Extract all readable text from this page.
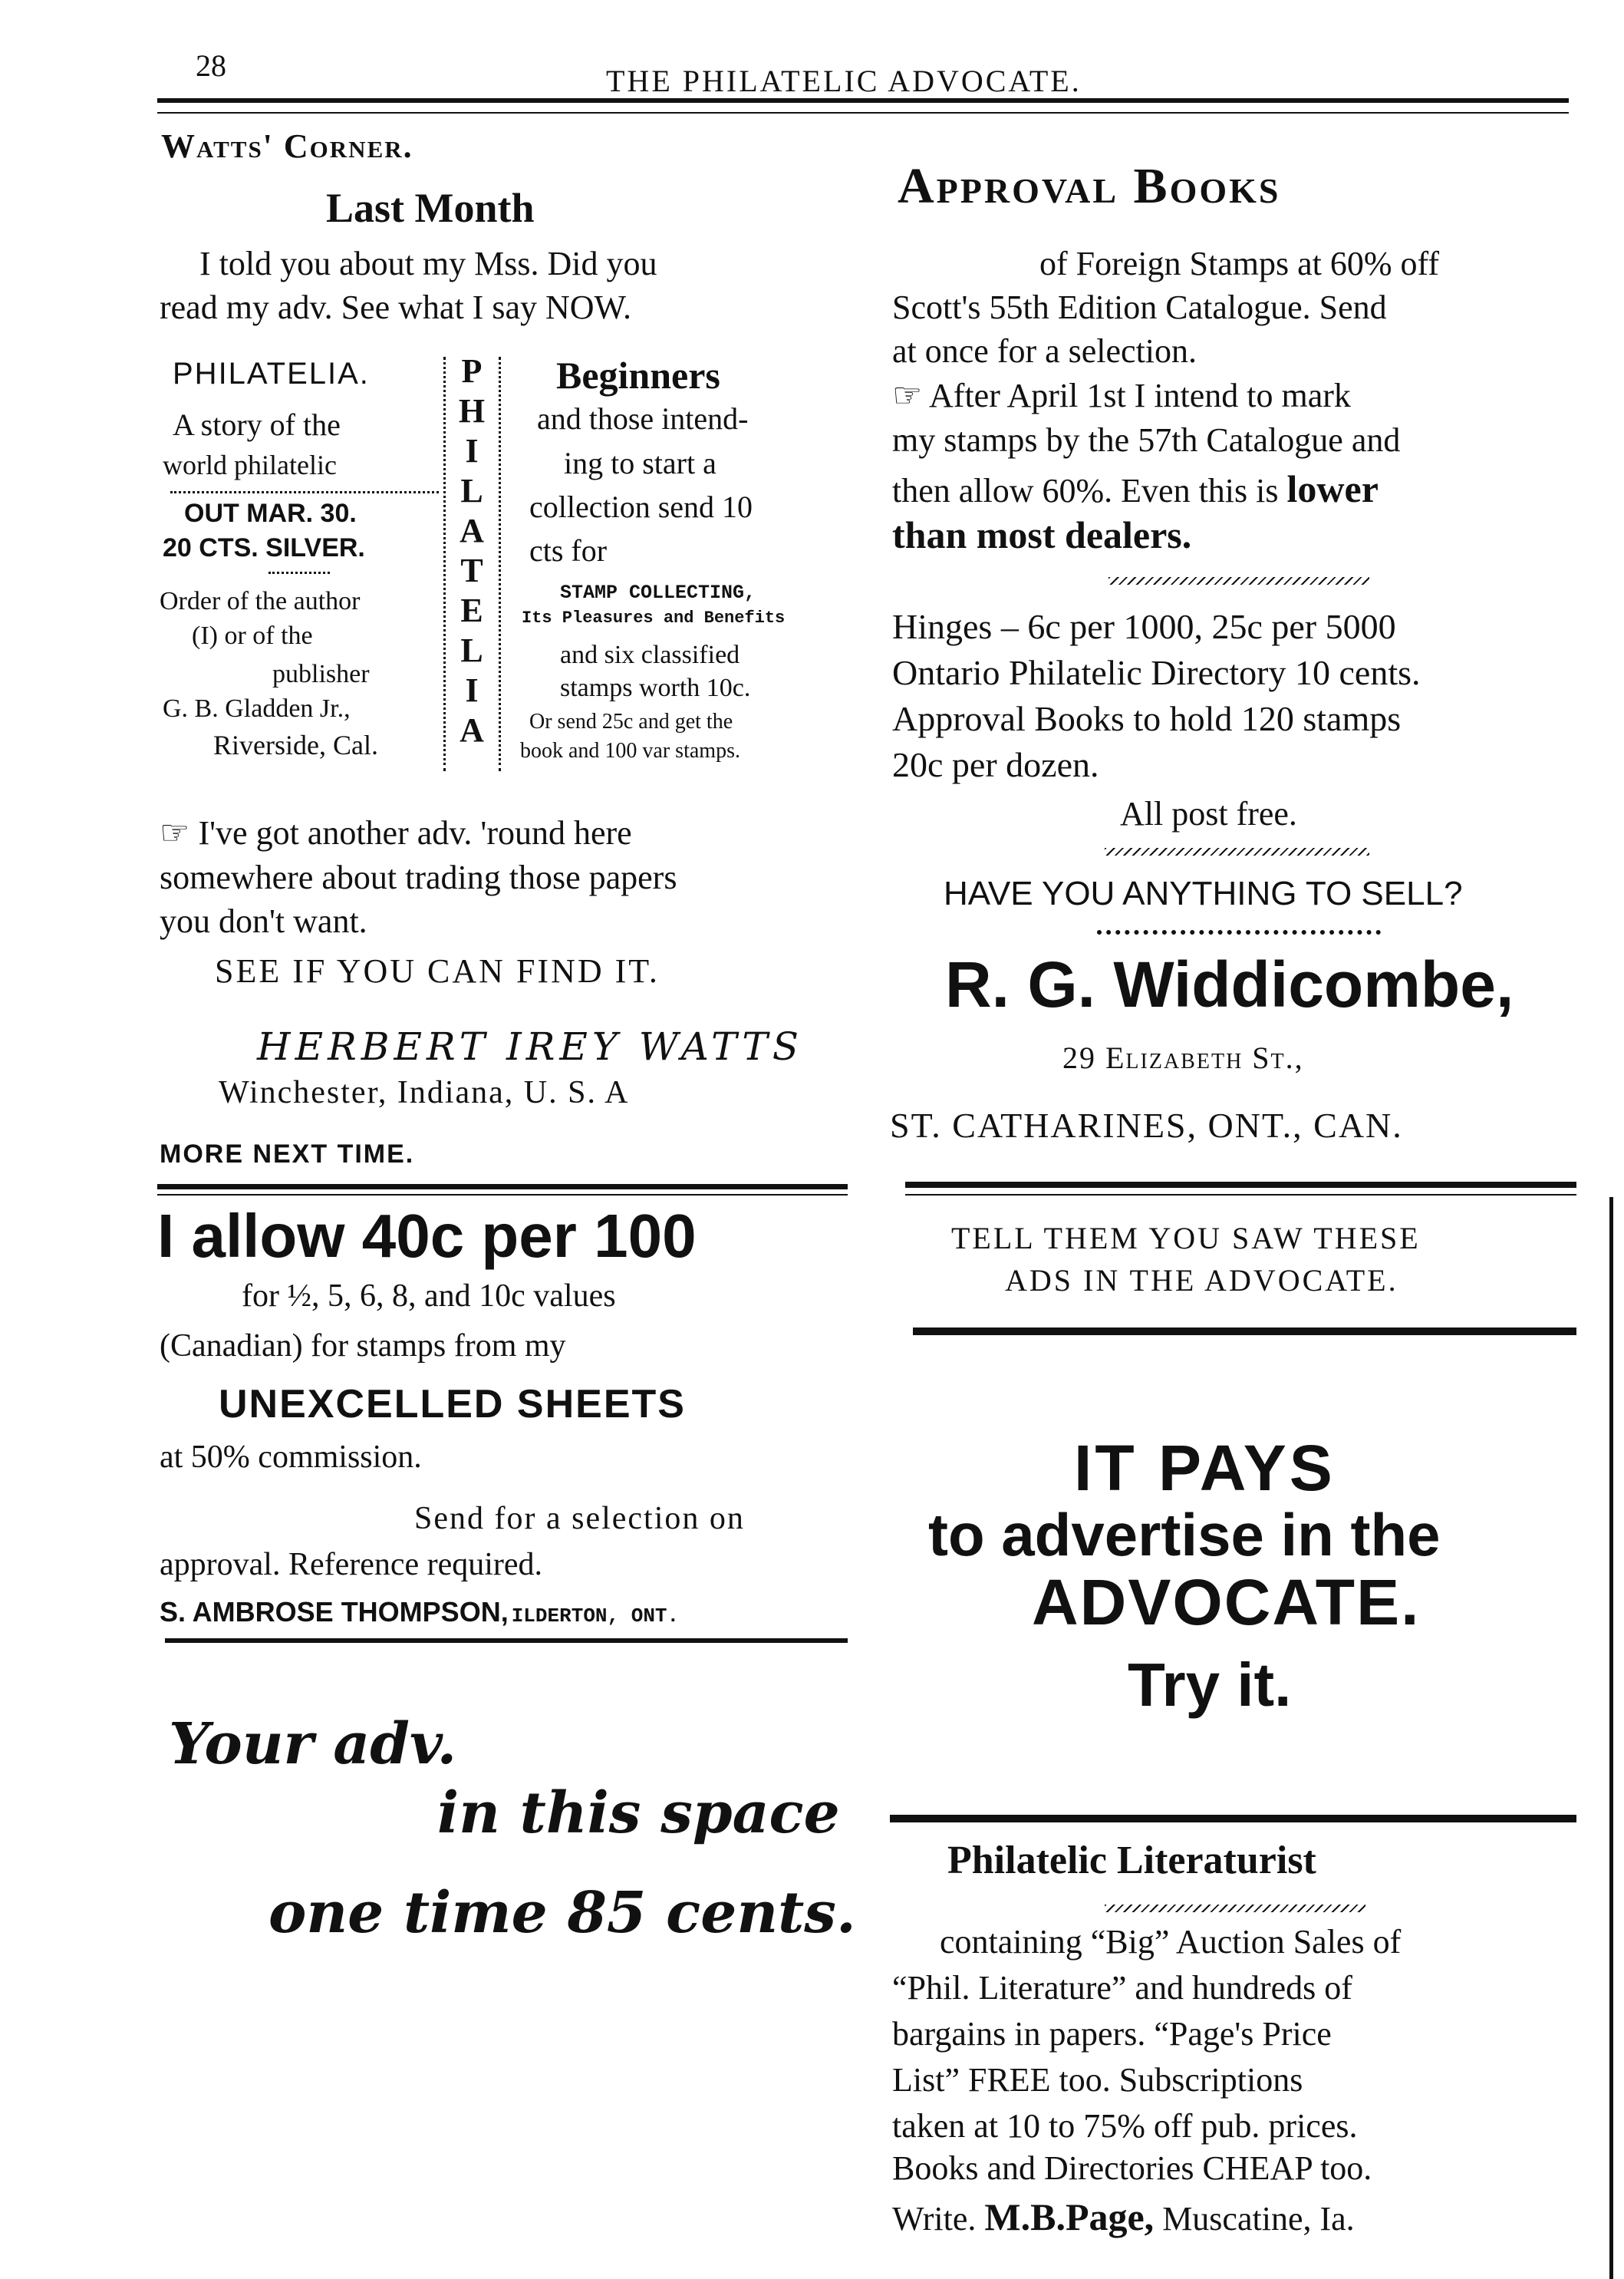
28	THE PHILATELIC ADVOCATE.
Watts' Corner.
Last Month
I told you about my Mss. Did you
read my adv. See what I say NOW.
PHILATELIA.
A story of the
world philatelic
OUT MAR. 30.
20 CTS. SILVER.
Order of the author
(I) or of the
publisher
G. B. Gladden Jr.,
Riverside, Cal.
P
H
I
L
A
T
E
L
I
A
Beginners
and those intend-
ing to start a
collection send 10
cts for
STAMP COLLECTING,
Its Pleasures and Benefits
and six classified
stamps worth 10c.
Or send 25c and get the
book and 100 var stamps.
☞ I've got another adv. 'round here
somewhere about trading those papers
you don't want.
SEE IF YOU CAN FIND IT.
HERBERT IREY WATTS
Winchester, Indiana, U. S. A
MORE NEXT TIME.
I allow 40c per 100
for ½, 5, 6, 8, and 10c values
(Canadian) for stamps from my
UNEXCELLED SHEETS
at 50% commission.
Send for a selection on
approval. Reference required.
S. AMBROSE THOMPSON, ILDERTON, ONT.
Your adv.
in this space
one time 85 cents.
Approval Books
of Foreign Stamps at 60% off
Scott's 55th Edition Catalogue. Send
at once for a selection.
☞ After April 1st I intend to mark
my stamps by the 57th Catalogue and
then allow 60%. Even this is lower
than most dealers.
Hinges – 6c per 1000, 25c per 5000
Ontario Philatelic Directory 10 cents.
Approval Books to hold 120 stamps
20c per dozen.
All post free.
HAVE YOU ANYTHING TO SELL?
R. G. Widdicombe,
29 Elizabeth St.,
ST. CATHARINES, ONT., CAN.
TELL THEM YOU SAW THESE
ADS IN THE ADVOCATE.
IT PAYS
to advertise in the
ADVOCATE.
Try it.
Philatelic Literaturist
containing “Big” Auction Sales of
“Phil. Literature” and hundreds of
bargains in papers. “Page's Price
List” FREE too. Subscriptions
taken at 10 to 75% off pub. prices.
Books and Directories CHEAP too.
Write. M.B.Page, Muscatine, Ia.
